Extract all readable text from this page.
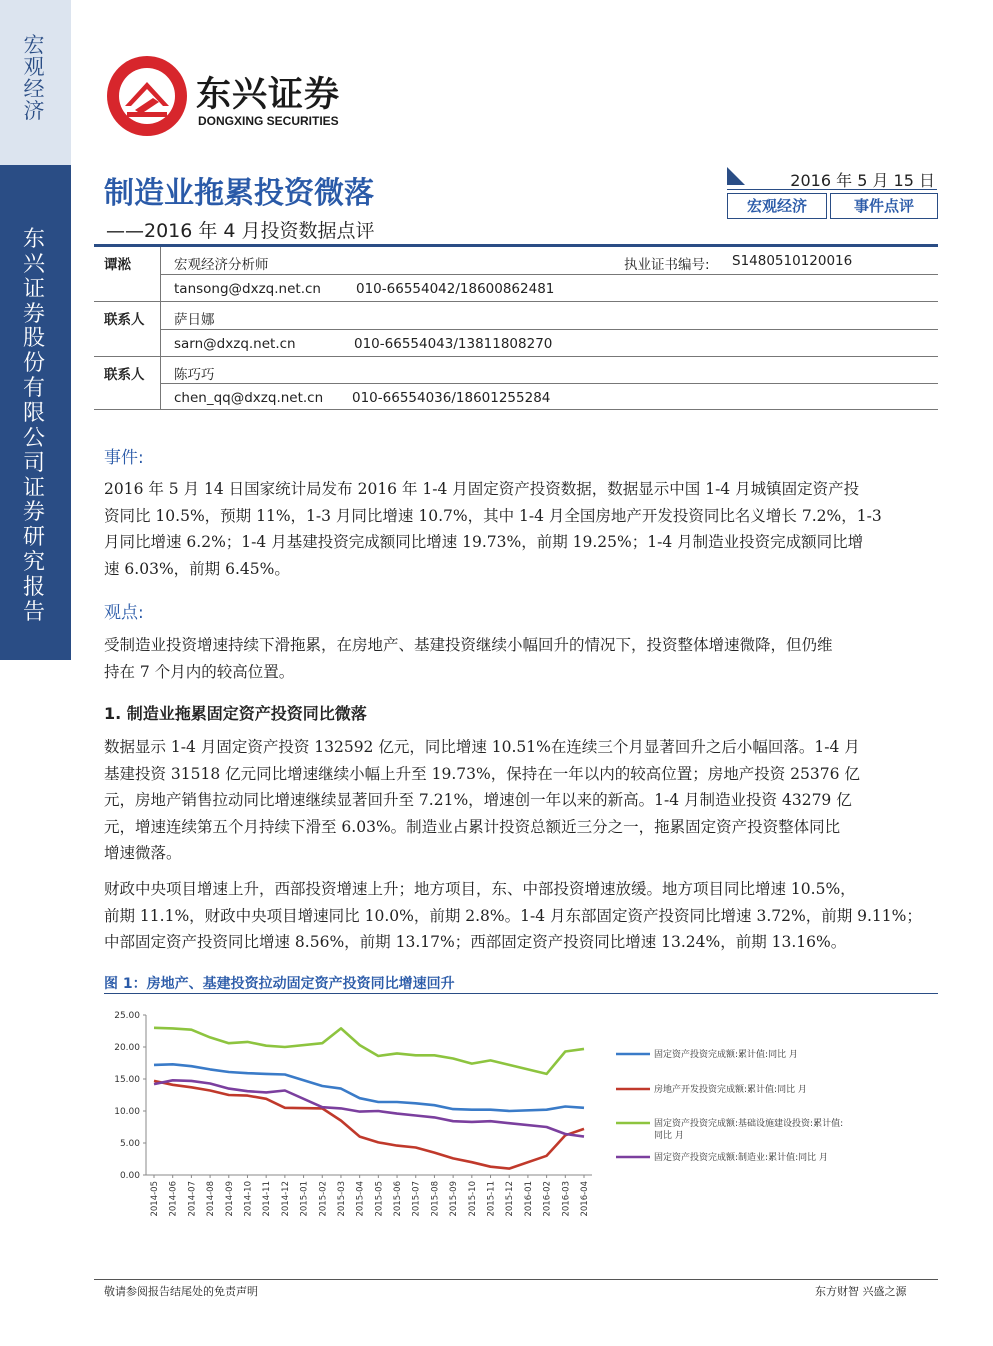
宏
观
经
济
东
兴
证
券
股
份
有
限
公
司
证
券
研
究
报
告
东兴证券
DONGXING SECURITIES
制造业拖累投资微落
——2016 年 4 月投资数据点评
2016 年 5 月 15 日
宏观经济	事件点评
谭淞	宏观经济分析师	执业证书编号: S1480510120016
tansong@dxzq.net.cn	010-66554042/18600862481
联系人 萨日娜
sarn@dxzq.net.cn	010-66554043/13811808270
联系人 陈巧巧
chen_qq@dxzq.net.cn 010-66554036/18601255284
事件:
2016 年 5 月 14 日国家统计局发布 2016 年 1-4 月固定资产投资数据，数据显示中国 1-4 月城镇固定资产投
资同比 10.5%，预期 11%，1-3 月同比增速 10.7%，其中 1-4 月全国房地产开发投资同比名义增长 7.2%，1-3
月同比增速 6.2%；1-4 月基建投资完成额同比增速 19.73%，前期 19.25%；1-4 月制造业投资完成额同比增
速 6.03%，前期 6.45%。
观点:
受制造业投资增速持续下滑拖累，在房地产、基建投资继续小幅回升的情况下，投资整体增速微降，但仍维
持在 7 个月内的较高位置。
1. 制造业拖累固定资产投资同比微落
数据显示 1-4 月固定资产投资 132592 亿元，同比增速 10.51%在连续三个月显著回升之后小幅回落。1-4 月
基建投资 31518 亿元同比增速继续小幅上升至 19.73%，保持在一年以内的较高位置；房地产投资 25376 亿
元，房地产销售拉动同比增速继续显著回升至 7.21%，增速创一年以来的新高。1-4 月制造业投资 43279 亿
元，增速连续第五个月持续下滑至 6.03%。制造业占累计投资总额近三分之一，拖累固定资产投资整体同比
增速微落。
财政中央项目增速上升，西部投资增速上升；地方项目，东、中部投资增速放缓。地方项目同比增速 10.5%，
前期 11.1%，财政中央项目增速同比 10.0%，前期 2.8%。1-4 月东部固定资产投资同比增速 3.72%，前期 9.11%；
中部固定资产投资同比增速 8.56%，前期 13.17%；西部固定资产投资同比增速 13.24%，前期 13.16%。
图 1：房地产、基建投资拉动固定资产投资同比增速回升
0.00
5.00
10.00
15.00
20.00
25.00
2014-05 2014-06 2014-07 2014-08 2014-09 2014-10 2014-11 2014-12 2015-01 2015-02 2015-03 2015-04 2015-05 2015-06 2015-07 2015-08 2015-09 2015-10 2015-11 2015-12 2016-01 2016-02 2016-03 2016-04
固定资产投资完成额:累计值:同比 月
房地产开发投资完成额:累计值:同比 月
固定资产投资完成额:基础设施建设投资:累计值:同比 月
固定资产投资完成额:制造业:累计值:同比 月
敬请参阅报告结尾处的免责声明	东方财智 兴盛之源
